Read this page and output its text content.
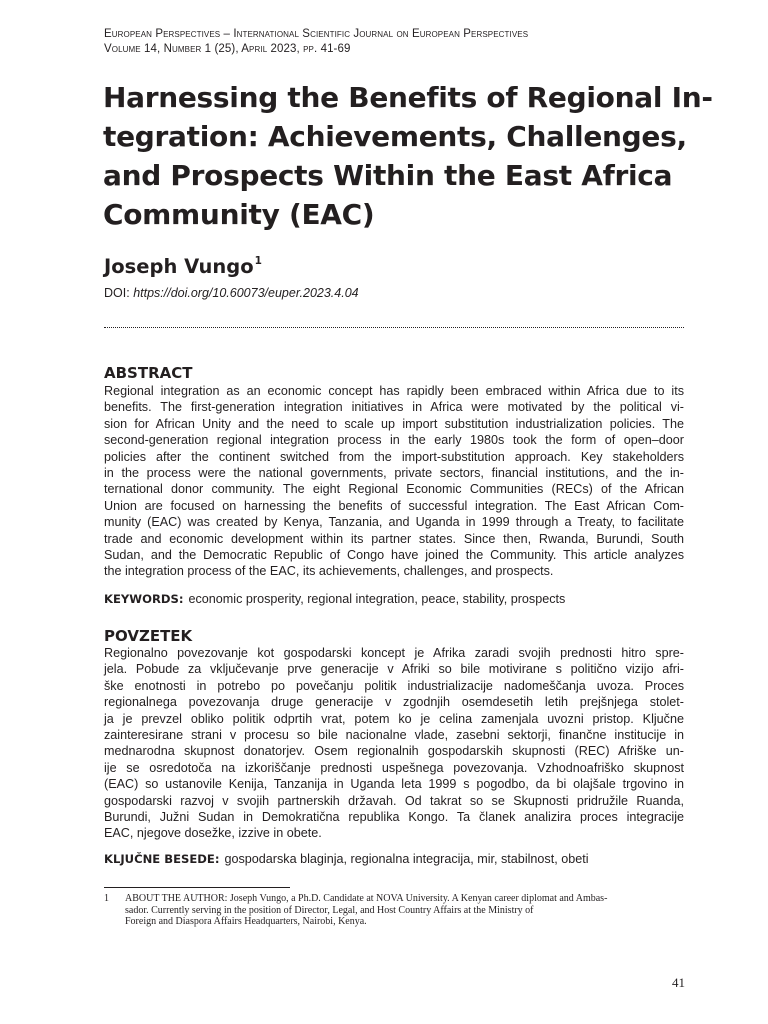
European Perspectives – International Scientific Journal on European Perspectives
Volume 14, Number 1 (25), April 2023, pp. 41-69
Harnessing the Benefits of Regional In-
tegration: Achievements, Challenges,
and Prospects Within the East Africa
Community (EAC)
Joseph Vungo$^1$
DOI: https://doi.org/10.60073/euper.2023.4.04
ABSTRACT
Regional integration as an economic concept has rapidly been embraced within Africa due to its
benefits. The first-generation integration initiatives in Africa were motivated by the political vi-
sion for African Unity and the need to scale up import substitution industrialization policies. The
second-generation regional integration process in the early 1980s took the form of open–door
policies after the continent switched from the import-substitution approach. Key stakeholders
in the process were the national governments, private sectors, financial institutions, and the in-
ternational donor community. The eight Regional Economic Communities (RECs) of the African
Union are focused on harnessing the benefits of successful integration. The East African Com-
munity (EAC) was created by Kenya, Tanzania, and Uganda in 1999 through a Treaty, to facilitate
trade and economic development within its partner states. Since then, Rwanda, Burundi, South
Sudan, and the Democratic Republic of Congo have joined the Community. This article analyzes
the integration process of the EAC, its achievements, challenges, and prospects.
KEYWORDS: economic prosperity, regional integration, peace, stability, prospects
POVZETEK
Regionalno povezovanje kot gospodarski koncept je Afrika zaradi svojih prednosti hitro spre-
jela. Pobude za vključevanje prve generacije v Afriki so bile motivirane s politično vizijo afri-
ške enotnosti in potrebo po povečanju politik industrializacije nadomeščanja uvoza. Proces
regionalnega povezovanja druge generacije v zgodnjih osemdesetih letih prejšnjega stolet-
ja je prevzel obliko politik odprtih vrat, potem ko je celina zamenjala uvozni pristop. Ključne
zainteresirane strani v procesu so bile nacionalne vlade, zasebni sektorji, finančne institucije in
mednarodna skupnost donatorjev. Osem regionalnih gospodarskih skupnosti (REC) Afriške un-
ije se osredotoča na izkoriščanje prednosti uspešnega povezovanja. Vzhodnoafriško skupnost
(EAC) so ustanovile Kenija, Tanzanija in Uganda leta 1999 s pogodbo, da bi olajšale trgovino in
gospodarski razvoj v svojih partnerskih državah. Od takrat so se Skupnosti pridružile Ruanda,
Burundi, Južni Sudan in Demokratična republika Kongo. Ta članek analizira proces integracije
EAC, njegove dosežke, izzive in obete.
KLJUČNE BESEDE: gospodarska blaginja, regionalna integracija, mir, stabilnost, obeti
1 ABOUT THE AUTHOR: Joseph Vungo, a Ph.D. Candidate at NOVA University. A Kenyan career diplomat and Ambas-
sador. Currently serving in the position of Director, Legal, and Host Country Affairs at the Ministry of
Foreign and Diaspora Affairs Headquarters, Nairobi, Kenya.
41
